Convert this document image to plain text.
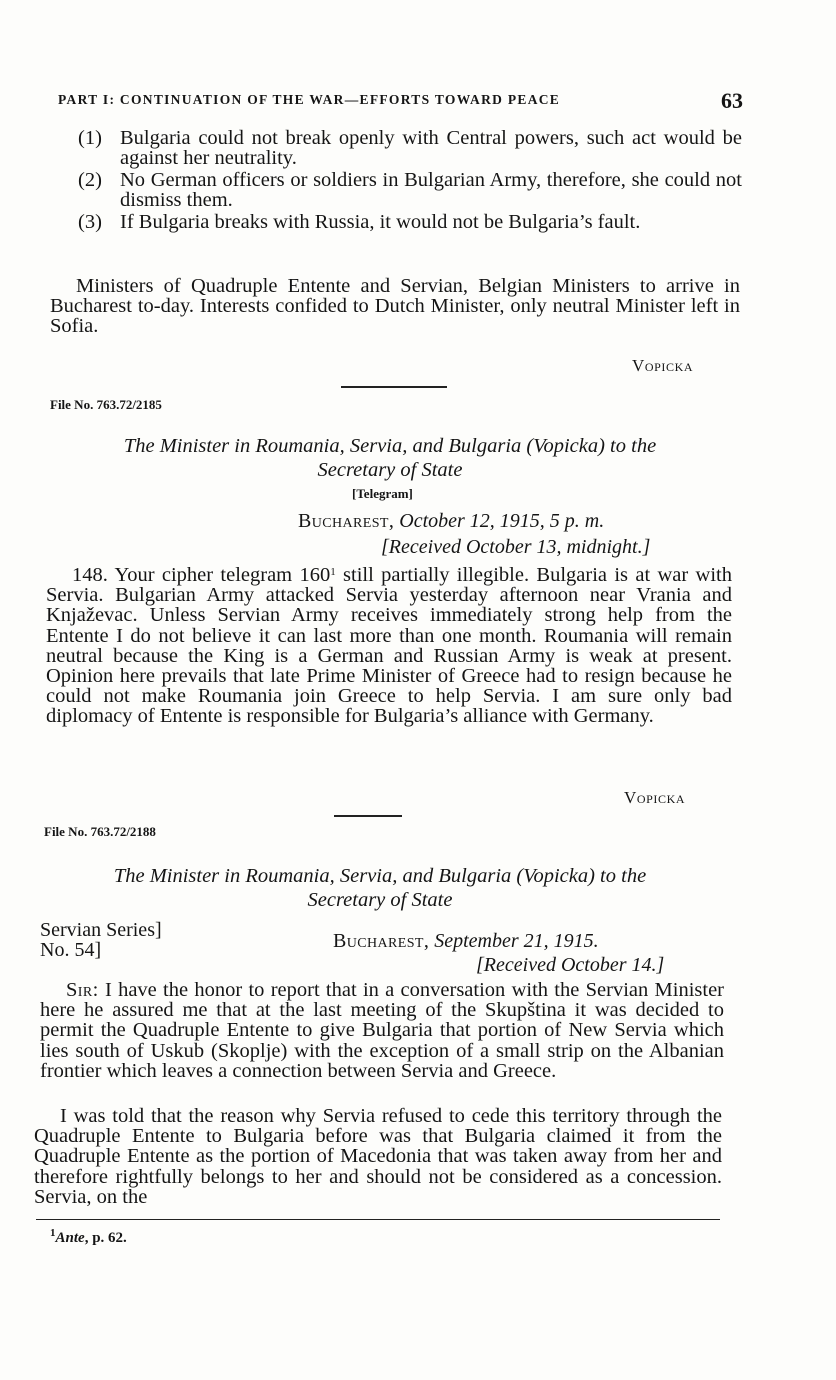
PART I: CONTINUATION OF THE WAR—EFFORTS TOWARD PEACE	63
(1) Bulgaria could not break openly with Central powers, such act would be against her neutrality.
(2) No German officers or soldiers in Bulgarian Army, therefore, she could not dismiss them.
(3) If Bulgaria breaks with Russia, it would not be Bulgaria’s fault.
Ministers of Quadruple Entente and Servian, Belgian Ministers to arrive in Bucharest to-day. Interests confided to Dutch Minister, only neutral Minister left in Sofia.
Vopicka
File No. 763.72/2185
The Minister in Roumania, Servia, and Bulgaria (Vopicka) to the
Secretary of State
[Telegram]
Bucharest, October 12, 1915, 5 p. m.
[Received October 13, midnight.]
148. Your cipher telegram $160^1$ still partially illegible. Bulgaria is at war with Servia. Bulgarian Army attacked Servia yesterday afternoon near Vrania and Knjaževac. Unless Servian Army receives immediately strong help from the Entente I do not believe it can last more than one month. Roumania will remain neutral because the King is a German and Russian Army is weak at present. Opinion here prevails that late Prime Minister of Greece had to resign because he could not make Roumania join Greece to help Servia. I am sure only bad diplomacy of Entente is responsible for Bulgaria’s alliance with Germany.
Vopicka
File No. 763.72/2188
The Minister in Roumania, Servia, and Bulgaria (Vopicka) to the
Secretary of State
Servian Series]
No. 54]	Bucharest, September 21, 1915.
[Received October 14.]
Sir: I have the honor to report that in a conversation with the Servian Minister here he assured me that at the last meeting of the Skupština it was decided to permit the Quadruple Entente to give Bulgaria that portion of New Servia which lies south of Uskub (Skoplje) with the exception of a small strip on the Albanian frontier which leaves a connection between Servia and Greece.
I was told that the reason why Servia refused to cede this territory through the Quadruple Entente to Bulgaria before was that Bulgaria claimed it from the Quadruple Entente as the portion of Macedonia that was taken away from her and therefore rightfully belongs to her and should not be considered as a concession. Servia, on the
$^1$Ante, p. 62.
